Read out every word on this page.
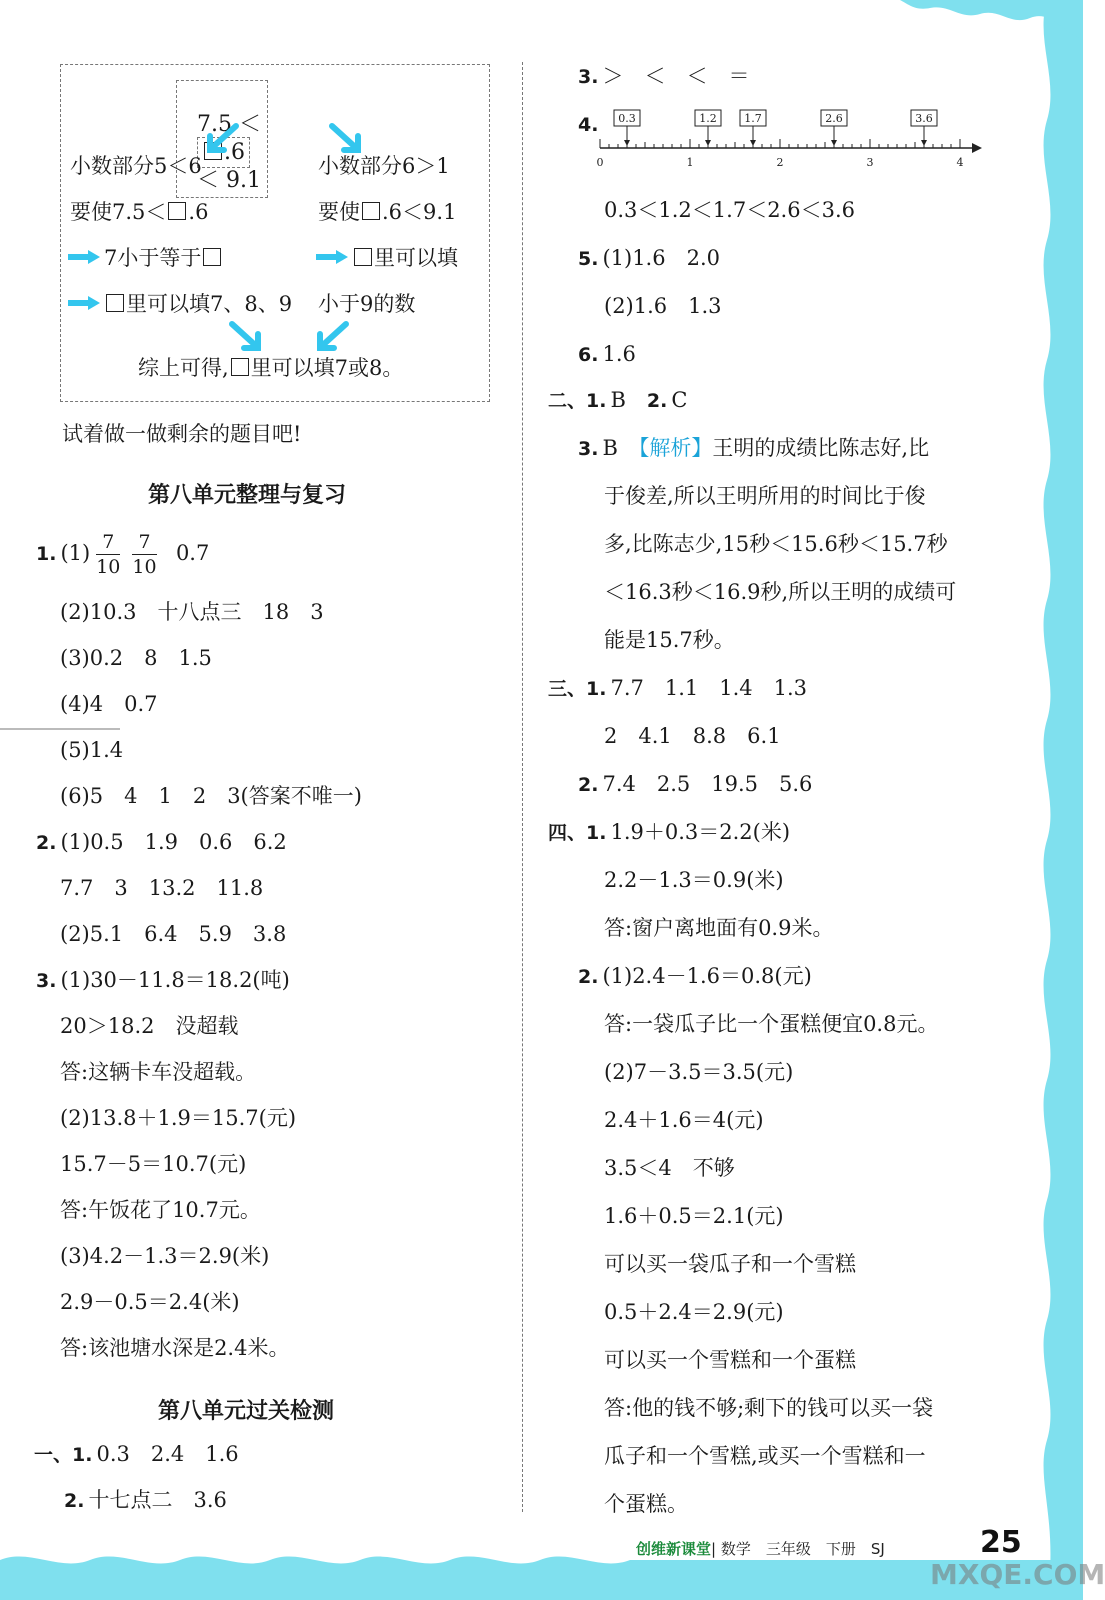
7.5 ＜
.6
＜ 9.1

小数部分5＜6	小数部分6＞1
要使7.5＜ .6	要使 .6＜9.1
7小于等于	里可以填
里可以填7、8、9 小于9的数
综上可得, 里可以填7或8。
试着做一做剩余的题目吧!
第八单元整理与复习
1. $(1) \frac{7}{10} \frac{7}{10} 0.7$
(2)10.3　十八点三　18　3
(3)0.2　8　1.5
(4)4　0.7
(5)1.4
(6)5　4　1　2　3(答案不唯一)
2. (1)0.5　1.9　0.6　6.2
7.7　3　13.2　11.8
(2)5.1　6.4　5.9　3.8
3. (1)30－11.8＝18.2(吨)
20＞18.2　没超载
答:这辆卡车没超载。
(2)13.8＋1.9＝15.7(元)
15.7－5＝10.7(元)
答:午饭花了10.7元。
(3)4.2－1.3＝2.9(米)
2.9－0.5＝2.4(米)
答:该池塘水深是2.4米。
第八单元过关检测
一、1. 0.3　2.4　1.6
2. 十七点二　3.6
3. ＞　＜　＜　＝
4.
0	1	2	3	4
0.3	1.2	1.7	2.6	3.6
0.3＜1.2＜1.7＜2.6＜3.6
5. (1)1.6　2.0
(2)1.6　1.3
6. 1.6
二、1. B　2. C
3. B　【解析】王明的成绩比陈志好,比
于俊差,所以王明所用的时间比于俊
多,比陈志少,15秒＜15.6秒＜15.7秒
＜16.3秒＜16.9秒,所以王明的成绩可
能是15.7秒。
三、1. 7.7　1.1　1.4　1.3
2　4.1　8.8　6.1
2. 7.4　2.5　19.5　5.6
四、1. 1.9＋0.3＝2.2(米)
2.2－1.3＝0.9(米)
答:窗户离地面有0.9米。
2. (1)2.4－1.6＝0.8(元)
答:一袋瓜子比一个蛋糕便宜0.8元。
(2)7－3.5＝3.5(元)
2.4＋1.6＝4(元)
3.5＜4　不够
1.6＋0.5＝2.1(元)
可以买一袋瓜子和一个雪糕
0.5＋2.4＝2.9(元)
可以买一个雪糕和一个蛋糕
答:他的钱不够;剩下的钱可以买一袋
瓜子和一个雪糕,或买一个雪糕和一
个蛋糕。
创维新课堂| 数学　三年级　下册　SJ	25
MXQE.COM
